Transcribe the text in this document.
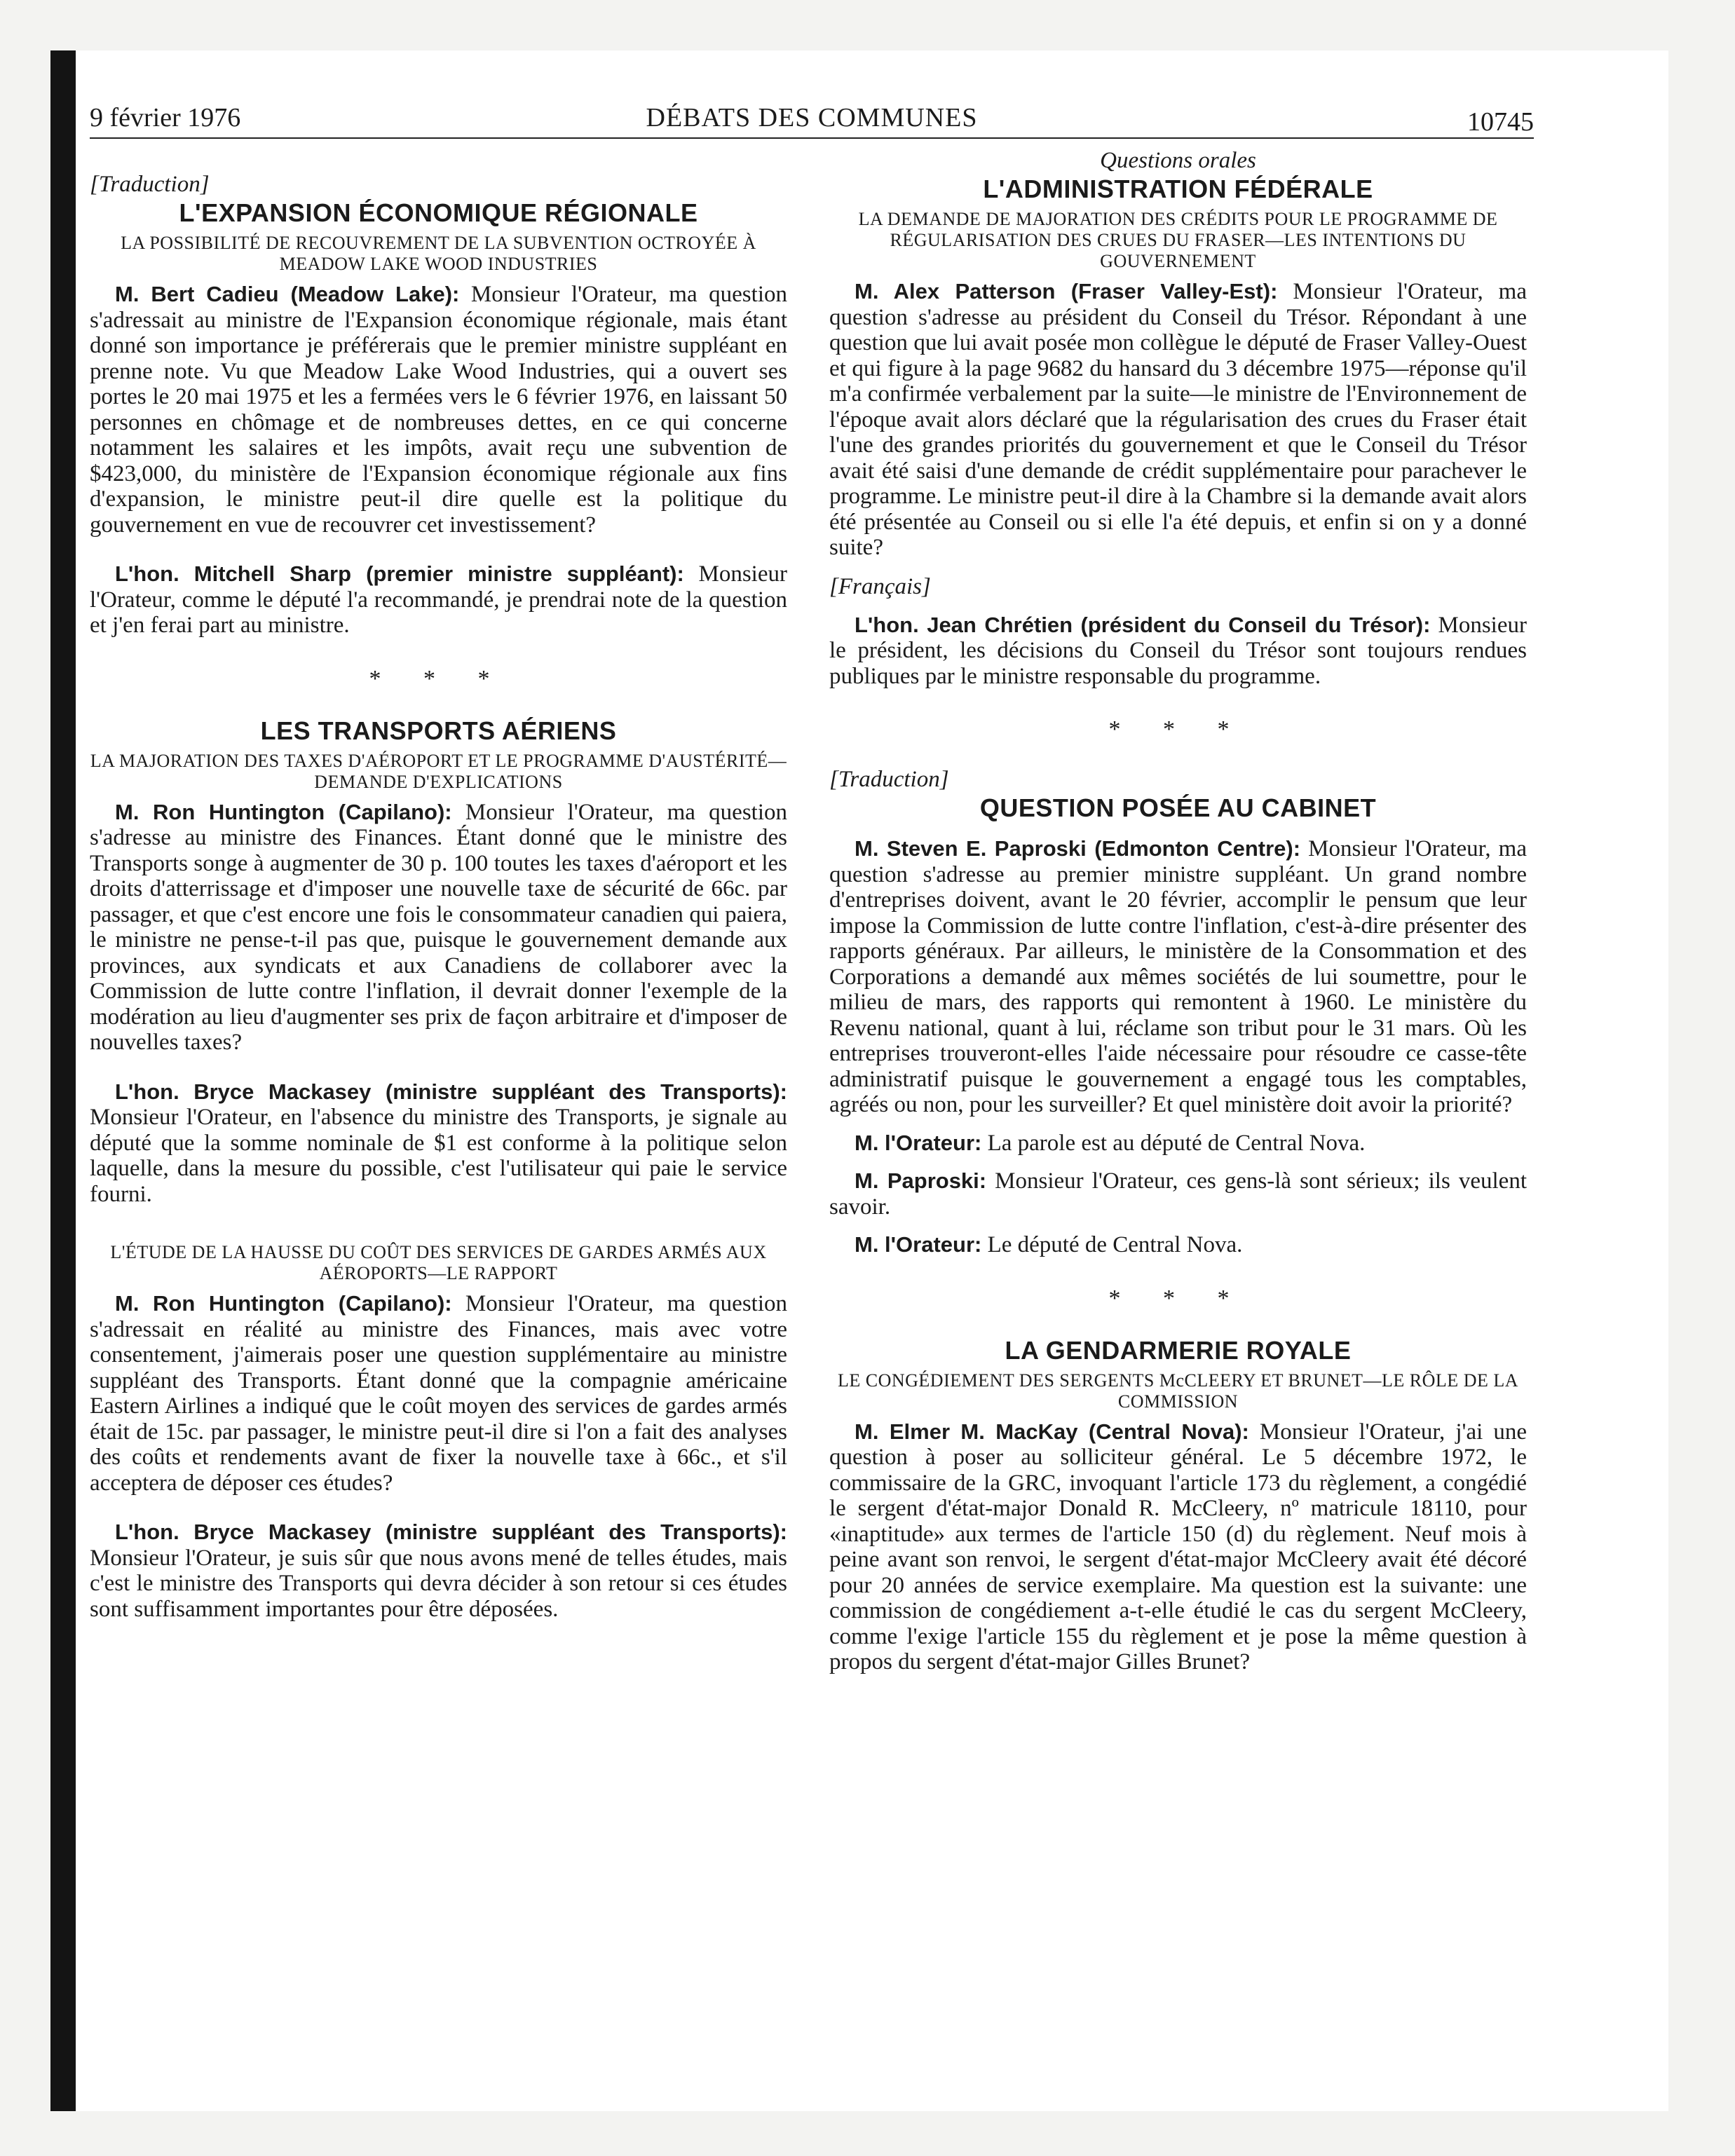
9 février 1976	DÉBATS DES COMMUNES	10745

[Traduction]

L'EXPANSION ÉCONOMIQUE RÉGIONALE

LA POSSIBILITÉ DE RECOUVREMENT DE LA SUBVENTION OCTROYÉE À MEADOW LAKE WOOD INDUSTRIES

M. Bert Cadieu (Meadow Lake): Monsieur l'Orateur, ma question s'adressait au ministre de l'Expansion économique régionale, mais étant donné son importance je préférerais que le premier ministre suppléant en prenne note. Vu que Meadow Lake Wood Industries, qui a ouvert ses portes le 20 mai 1975 et les a fermées vers le 6 février 1976, en laissant 50 personnes en chômage et de nombreuses dettes, en ce qui concerne notamment les salaires et les impôts, avait reçu une subvention de $423,000, du ministère de l'Expansion économique régionale aux fins d'expansion, le ministre peut-il dire quelle est la politique du gouvernement en vue de recouvrer cet investissement?

L'hon. Mitchell Sharp (premier ministre suppléant): Monsieur l'Orateur, comme le député l'a recommandé, je prendrai note de la question et j'en ferai part au ministre.

* * *

LES TRANSPORTS AÉRIENS

LA MAJORATION DES TAXES D'AÉROPORT ET LE PROGRAMME D'AUSTÉRITÉ—DEMANDE D'EXPLICATIONS

M. Ron Huntington (Capilano): Monsieur l'Orateur, ma question s'adresse au ministre des Finances. Étant donné que le ministre des Transports songe à augmenter de 30 p. 100 toutes les taxes d'aéroport et les droits d'atterrissage et d'imposer une nouvelle taxe de sécurité de 66c. par passager, et que c'est encore une fois le consommateur canadien qui paiera, le ministre ne pense-t-il pas que, puisque le gouvernement demande aux provinces, aux syndicats et aux Canadiens de collaborer avec la Commission de lutte contre l'inflation, il devrait donner l'exemple de la modération au lieu d'augmenter ses prix de façon arbitraire et d'imposer de nouvelles taxes?

L'hon. Bryce Mackasey (ministre suppléant des Transports): Monsieur l'Orateur, en l'absence du ministre des Transports, je signale au député que la somme nominale de $1 est conforme à la politique selon laquelle, dans la mesure du possible, c'est l'utilisateur qui paie le service fourni.

L'ÉTUDE DE LA HAUSSE DU COÛT DES SERVICES DE GARDES ARMÉS AUX AÉROPORTS—LE RAPPORT

M. Ron Huntington (Capilano): Monsieur l'Orateur, ma question s'adressait en réalité au ministre des Finances, mais avec votre consentement, j'aimerais poser une question supplémentaire au ministre suppléant des Transports. Étant donné que la compagnie américaine Eastern Airlines a indiqué que le coût moyen des services de gardes armés était de 15c. par passager, le ministre peut-il dire si l'on a fait des analyses des coûts et rendements avant de fixer la nouvelle taxe à 66c., et s'il acceptera de déposer ces études?

L'hon. Bryce Mackasey (ministre suppléant des Transports): Monsieur l'Orateur, je suis sûr que nous avons mené de telles études, mais c'est le ministre des Transports qui devra décider à son retour si ces études sont suffisamment importantes pour être déposées.

Questions orales

L'ADMINISTRATION FÉDÉRALE

LA DEMANDE DE MAJORATION DES CRÉDITS POUR LE PROGRAMME DE RÉGULARISATION DES CRUES DU FRASER—LES INTENTIONS DU GOUVERNEMENT

M. Alex Patterson (Fraser Valley-Est): Monsieur l'Orateur, ma question s'adresse au président du Conseil du Trésor. Répondant à une question que lui avait posée mon collègue le député de Fraser Valley-Ouest et qui figure à la page 9682 du hansard du 3 décembre 1975—réponse qu'il m'a confirmée verbalement par la suite—le ministre de l'Environnement de l'époque avait alors déclaré que la régularisation des crues du Fraser était l'une des grandes priorités du gouvernement et que le Conseil du Trésor avait été saisi d'une demande de crédit supplémentaire pour parachever le programme. Le ministre peut-il dire à la Chambre si la demande avait alors été présentée au Conseil ou si elle l'a été depuis, et enfin si on y a donné suite?

[Français]

L'hon. Jean Chrétien (président du Conseil du Trésor): Monsieur le président, les décisions du Conseil du Trésor sont toujours rendues publiques par le ministre responsable du programme.

* * *

[Traduction]

QUESTION POSÉE AU CABINET

M. Steven E. Paproski (Edmonton Centre): Monsieur l'Orateur, ma question s'adresse au premier ministre suppléant. Un grand nombre d'entreprises doivent, avant le 20 février, accomplir le pensum que leur impose la Commission de lutte contre l'inflation, c'est-à-dire présenter des rapports généraux. Par ailleurs, le ministère de la Consommation et des Corporations a demandé aux mêmes sociétés de lui soumettre, pour le milieu de mars, des rapports qui remontent à 1960. Le ministère du Revenu national, quant à lui, réclame son tribut pour le 31 mars. Où les entreprises trouveront-elles l'aide nécessaire pour résoudre ce casse-tête administratif puisque le gouvernement a engagé tous les comptables, agréés ou non, pour les surveiller? Et quel ministère doit avoir la priorité?

M. l'Orateur: La parole est au député de Central Nova.

M. Paproski: Monsieur l'Orateur, ces gens-là sont sérieux; ils veulent savoir.

M. l'Orateur: Le député de Central Nova.

* * *

LA GENDARMERIE ROYALE

LE CONGÉDIEMENT DES SERGENTS McCLEERY ET BRUNET—LE RÔLE DE LA COMMISSION

M. Elmer M. MacKay (Central Nova): Monsieur l'Orateur, j'ai une question à poser au solliciteur général. Le 5 décembre 1972, le commissaire de la GRC, invoquant l'article 173 du règlement, a congédié le sergent d'état-major Donald R. McCleery, nº matricule 18110, pour «inaptitude» aux termes de l'article 150 (d) du règlement. Neuf mois à peine avant son renvoi, le sergent d'état-major McCleery avait été décoré pour 20 années de service exemplaire. Ma question est la suivante: une commission de congédiement a-t-elle étudié le cas du sergent McCleery, comme l'exige l'article 155 du règlement et je pose la même question à propos du sergent d'état-major Gilles Brunet?
